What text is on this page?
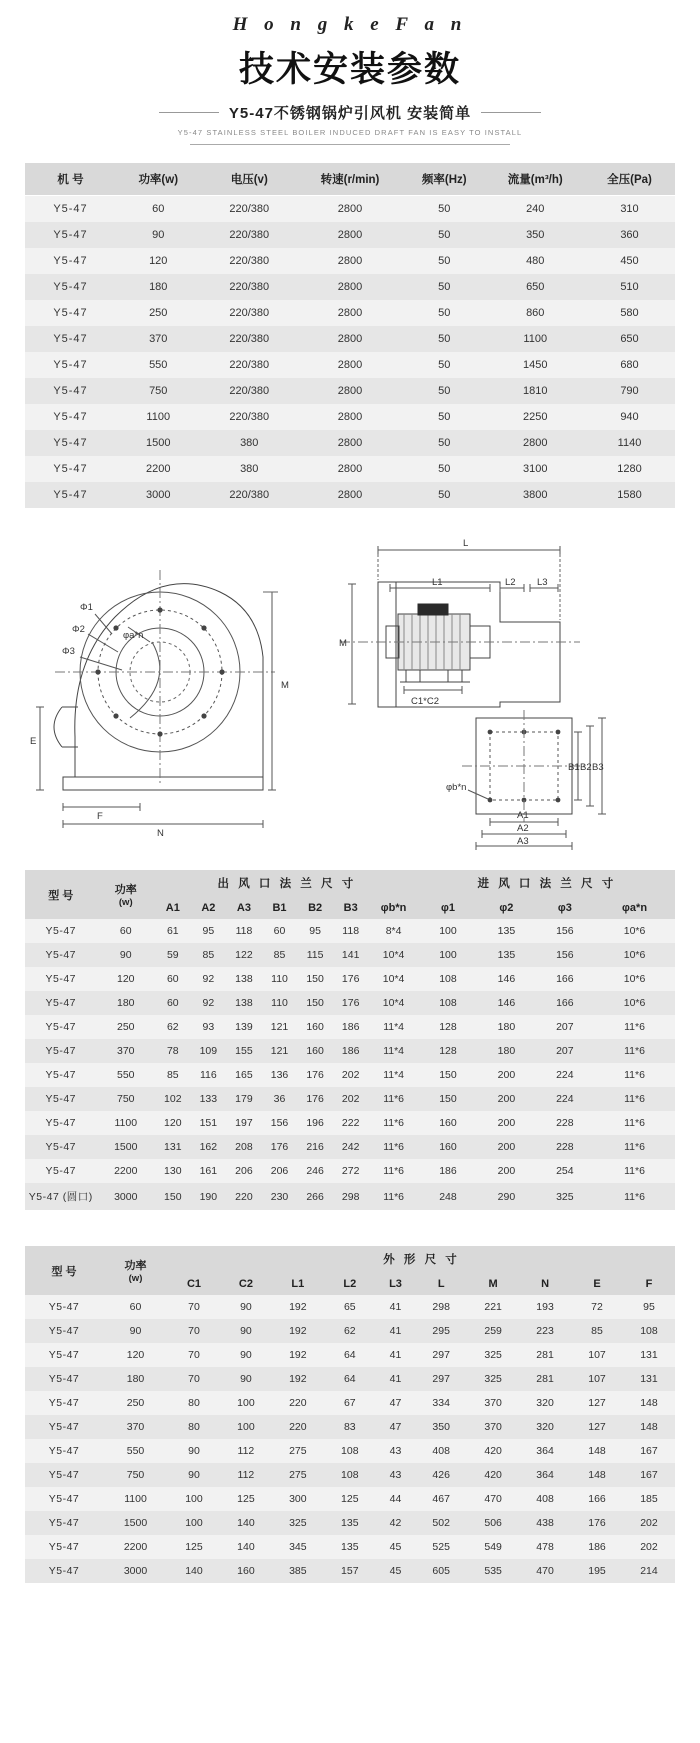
H o n g k e F a n
技术安装参数
Y5-47不锈钢锅炉引风机 安装简单
Y5-47 STAINLESS STEEL BOILER INDUCED DRAFT FAN IS EASY TO INSTALL
机 号	功率(w)	电压(v)	转速(r/min)	频率(Hz)	流量(m³/h)	全压(Pa)
Y5-47	60	220/380	2800	50	240	310
Y5-47	90	220/380	2800	50	350	360
Y5-47	120	220/380	2800	50	480	450
Y5-47	180	220/380	2800	50	650	510
Y5-47	250	220/380	2800	50	860	580
Y5-47	370	220/380	2800	50	1100	650
Y5-47	550	220/380	2800	50	1450	680
Y5-47	750	220/380	2800	50	1810	790
Y5-47	1100	220/380	2800	50	2250	940
Y5-47	1500	380	2800	50	2800	1140
Y5-47	2200	380	2800	50	3100	1280
Y5-47	3000	220/380	2800	50	3800	1580
Φ1
Φ2
Φ3
φa*n
M
E
F
N
L
L1	L2 L3
M
C1*C2
φb*n
B1 B2 B3
A1
A2
A3
型 号	功率

(w)	出 风 口 法 兰 尺 寸							进 风 口 法 兰 尺 寸			
		A1	A2	A3	B1	B2	B3	φb*n	φ1	φ2	φ3	φa*n
Y5-47	60	61	95	118	60	95	118	8*4	100	135	156	10*6
Y5-47	90	59	85	122	85	115	141	10*4	100	135	156	10*6
Y5-47	120	60	92	138	110	150	176	10*4	108	146	166	10*6
Y5-47	180	60	92	138	110	150	176	10*4	108	146	166	10*6
Y5-47	250	62	93	139	121	160	186	11*4	128	180	207	11*6
Y5-47	370	78	109	155	121	160	186	11*4	128	180	207	11*6
Y5-47	550	85	116	165	136	176	202	11*4	150	200	224	11*6
Y5-47	750	102	133	179	36	176	202	11*6	150	200	224	11*6
Y5-47	1100	120	151	197	156	196	222	11*6	160	200	228	11*6
Y5-47	1500	131	162	208	176	216	242	11*6	160	200	228	11*6
Y5-47	2200	130	161	206	206	246	272	11*6	186	200	254	11*6
Y5-47 (圆口)	3000	150	190	220	230	266	298	11*6	248	290	325	11*6
型 号	功率

(w)	外 形 尺 寸									
		C1	C2	L1	L2	L3	L	M	N	E	F
Y5-47	60	70	90	192	65	41	298	221	193	72	95
Y5-47	90	70	90	192	62	41	295	259	223	85	108
Y5-47	120	70	90	192	64	41	297	325	281	107	131
Y5-47	180	70	90	192	64	41	297	325	281	107	131
Y5-47	250	80	100	220	67	47	334	370	320	127	148
Y5-47	370	80	100	220	83	47	350	370	320	127	148
Y5-47	550	90	112	275	108	43	408	420	364	148	167
Y5-47	750	90	112	275	108	43	426	420	364	148	167
Y5-47	1100	100	125	300	125	44	467	470	408	166	185
Y5-47	1500	100	140	325	135	42	502	506	438	176	202
Y5-47	2200	125	140	345	135	45	525	549	478	186	202
Y5-47	3000	140	160	385	157	45	605	535	470	195	214
